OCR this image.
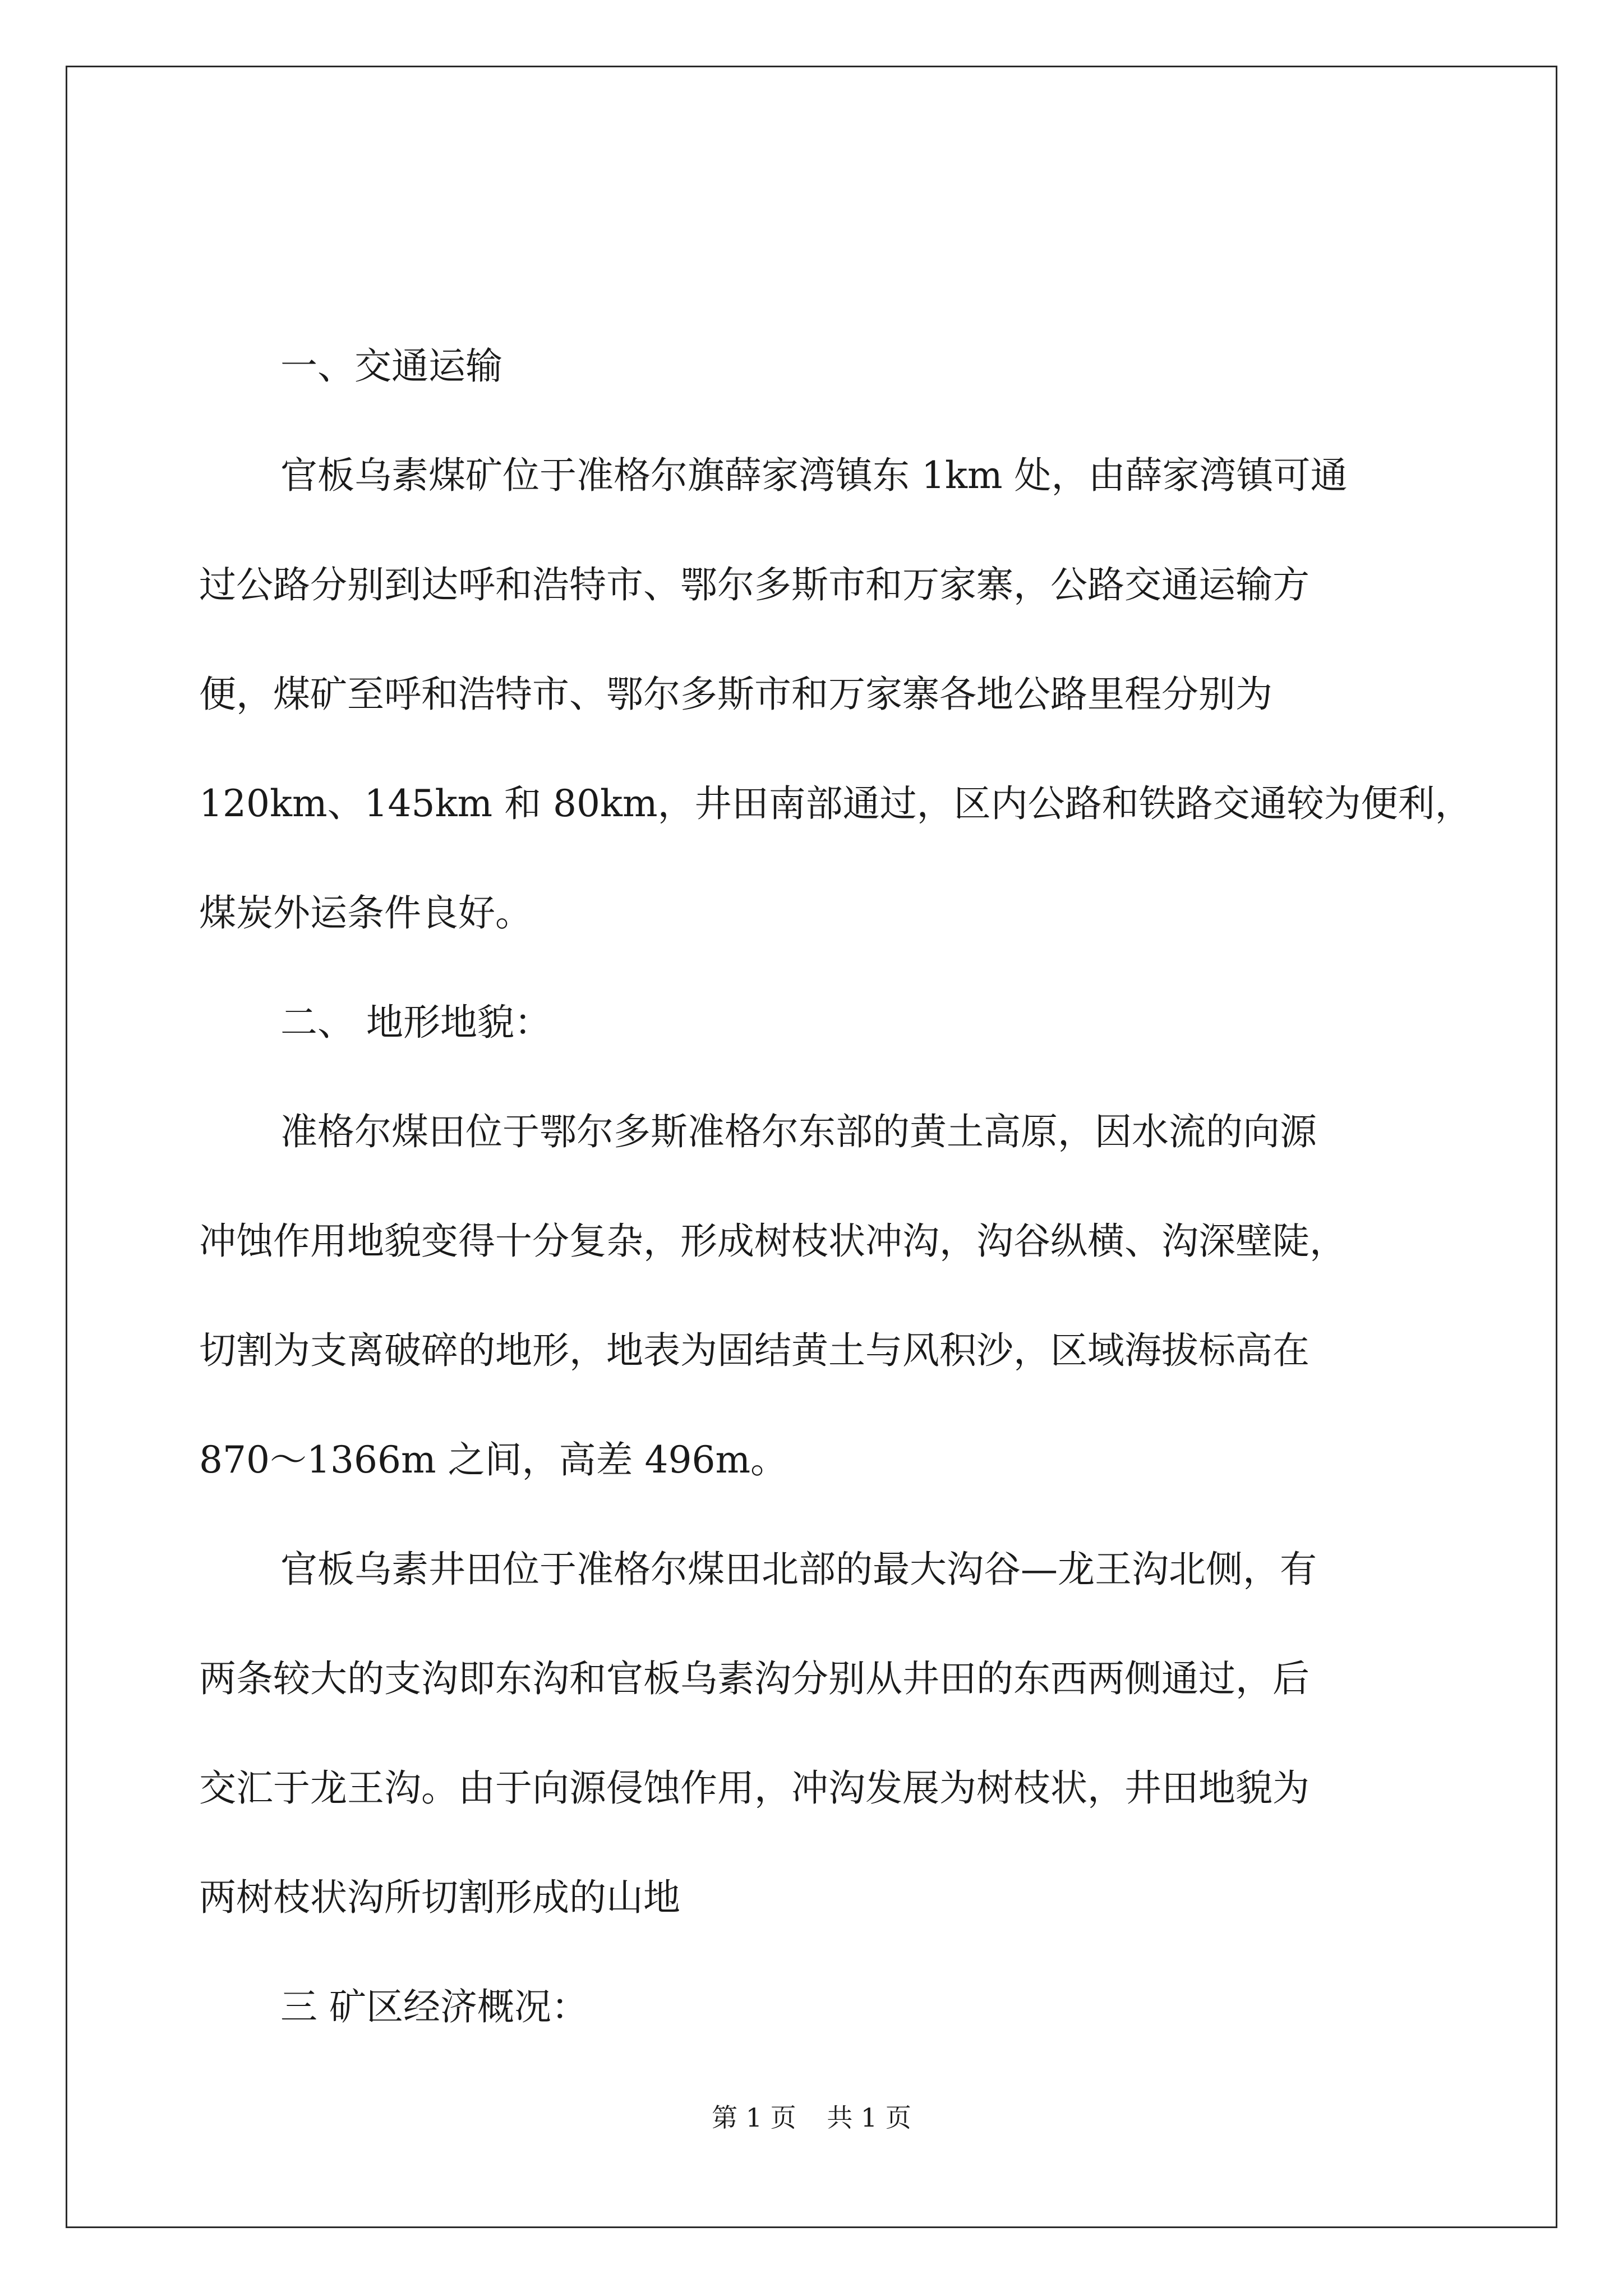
一、交通运输
官板乌素煤矿位于准格尔旗薛家湾镇东 1km 处，由薛家湾镇可通
过公路分别到达呼和浩特市、鄂尔多斯市和万家寨，公路交通运输方
便，煤矿至呼和浩特市、鄂尔多斯市和万家寨各地公路里程分别为
120km、145km 和 80km，井田南部通过，区内公路和铁路交通较为便利，
煤炭外运条件良好。
二、 地形地貌：
准格尔煤田位于鄂尔多斯准格尔东部的黄土高原，因水流的向源
冲蚀作用地貌变得十分复杂，形成树枝状冲沟，沟谷纵横、沟深壁陡，
切割为支离破碎的地形，地表为固结黄土与风积沙，区域海拔标高在
870～1366m 之间，高差 496m。
官板乌素井田位于准格尔煤田北部的最大沟谷—龙王沟北侧，有
两条较大的支沟即东沟和官板乌素沟分别从井田的东西两侧通过，后
交汇于龙王沟。由于向源侵蚀作用，冲沟发展为树枝状，井田地貌为
两树枝状沟所切割形成的山地
三 矿区经济概况：
第 1 页 共 1 页
